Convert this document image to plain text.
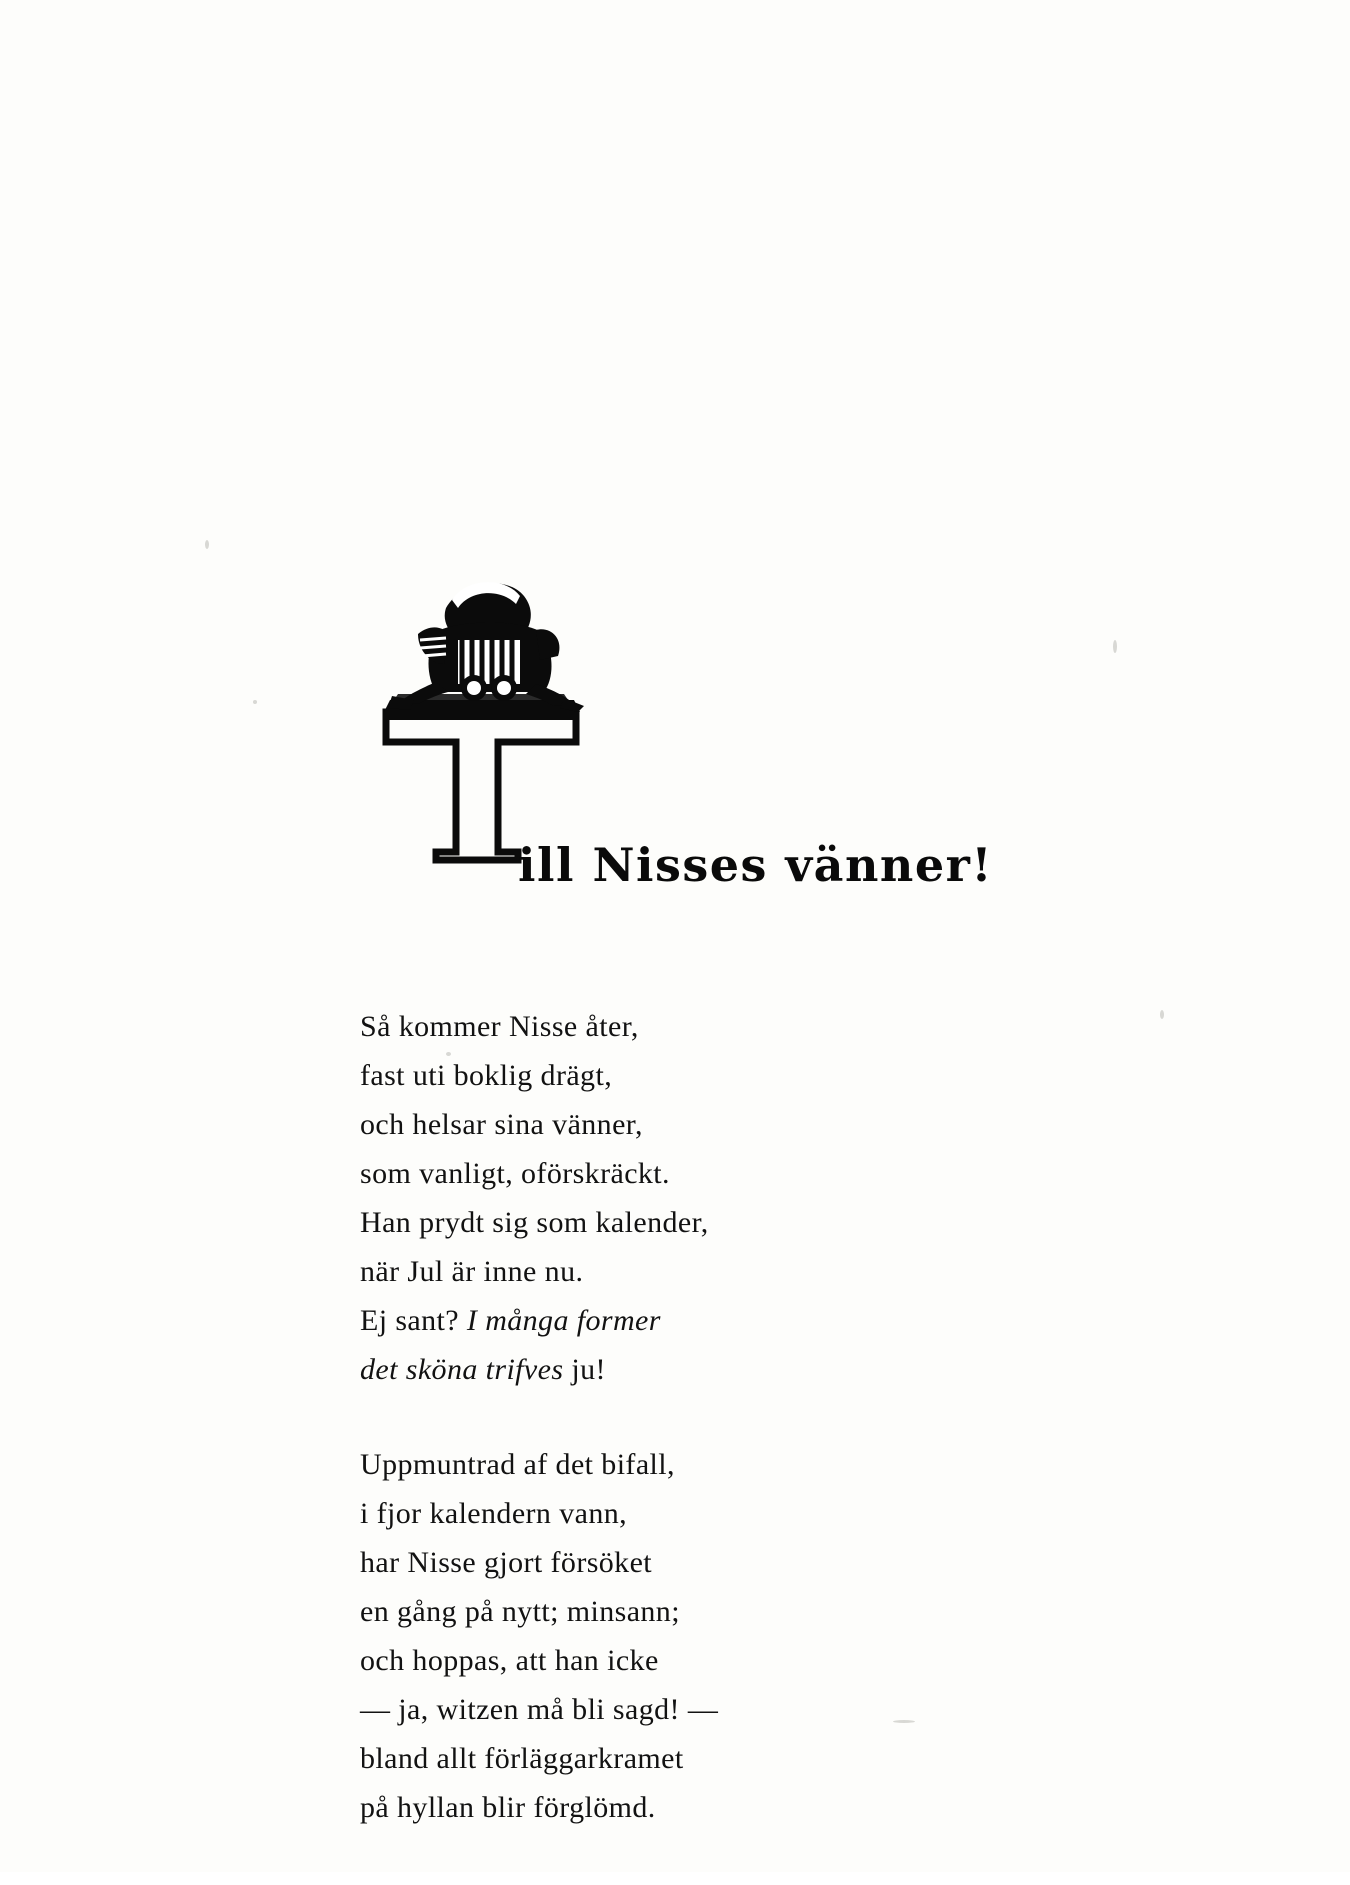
ill Nisses vänner!
Så kommer Nisse åter,
fast uti boklig drägt,
och helsar sina vänner,
som vanligt, oförskräckt.
Han prydt sig som kalender,
när Jul är inne nu.
Ej sant? I många former
det sköna trifves ju!
Uppmuntrad af det bifall,
i fjor kalendern vann,
har Nisse gjort försöket
en gång på nytt; minsann;
och hoppas, att han icke
— ja, witzen må bli sagd! —
bland allt förläggarkramet
på hyllan blir förglömd.
